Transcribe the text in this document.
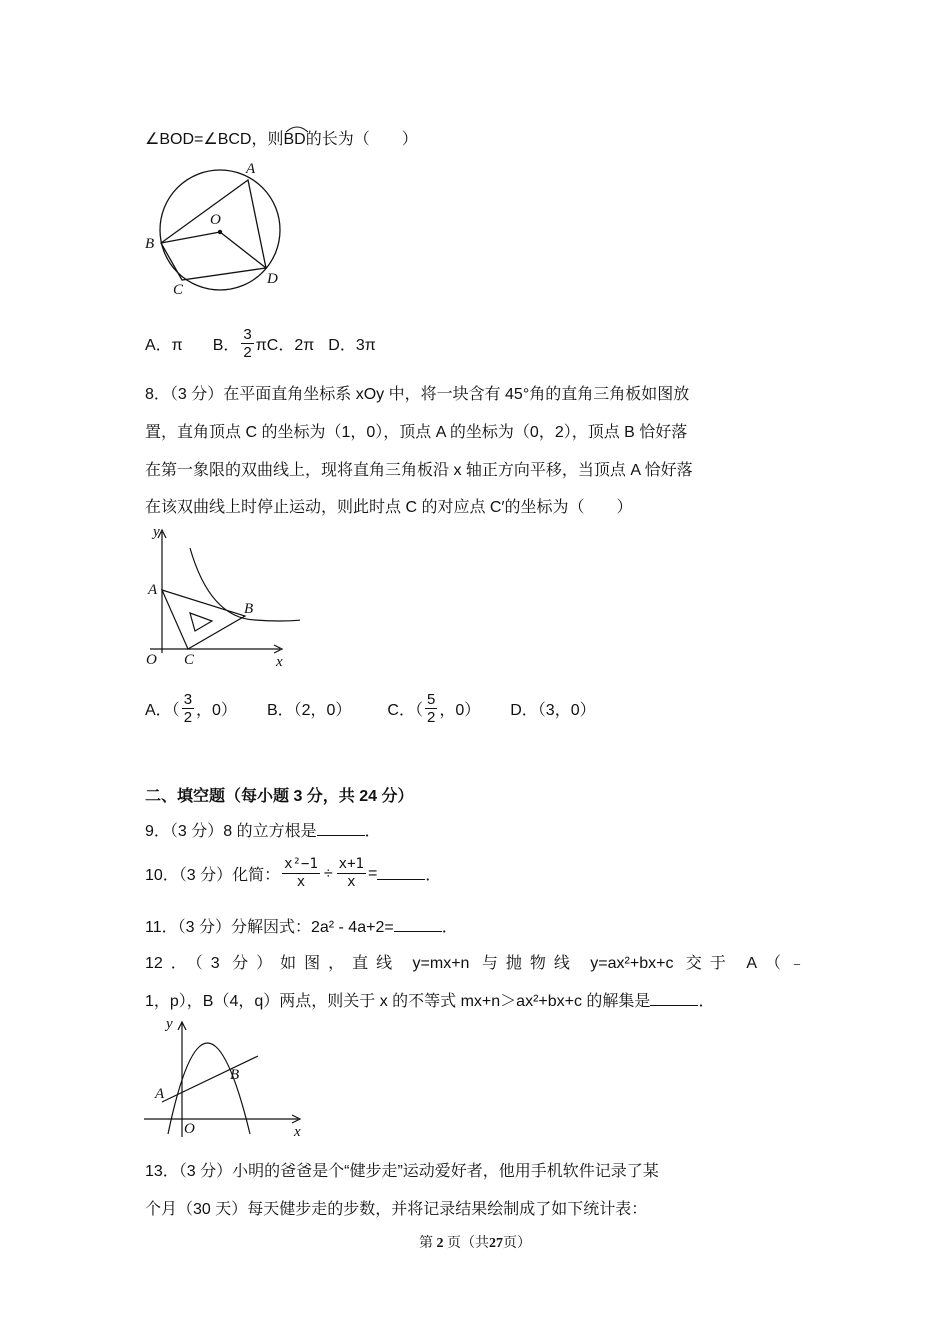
∠BOD=∠BCD，则
BD的长为（　　）
A
B
C
D
O
A．π B． $\frac{3}{2}$ πC．2π D．3π
8．（3 分）在平面直角坐标系 xOy 中，将一块含有 45°角的直角三角板如图放
置，直角顶点 C 的坐标为（1，0），顶点 A 的坐标为（0，2），顶点 B 恰好落
在第一象限的双曲线上，现将直角三角板沿 x 轴正方向平移，当顶点 A 恰好落
在该双曲线上时停止运动，则此时点 C 的对应点 C′的坐标为（　　）
y
x
A
B
O C
A．（ $\frac{3}{2}$ ，0） B．（2，0） C．（ $\frac{5}{2}$ ，0） D．（3，0）
二、填空题（每小题 3 分，共 24 分）
9．（3 分）8 的立方根是	．
10．（3 分）化简： $\frac{\text{x²−1}}{x} \div \frac{x+1}{x}$ =	．
11．（3 分）分解因式：2a² - 4a+2=	．
12．（3 分）如图，直线 y=mx+n 与抛物线 y=ax²+bx+c 交于 A（﹣
1，p），B（4，q）两点，则关于 x 的不等式 mx+n＞ax²+bx+c 的解集是	．
y
x
A
B
O
13．（3 分）小明的爸爸是个“健步走”运动爱好者，他用手机软件记录了某
个月（30 天）每天健步走的步数，并将记录结果绘制成了如下统计表：
第 2 页（共27页）
